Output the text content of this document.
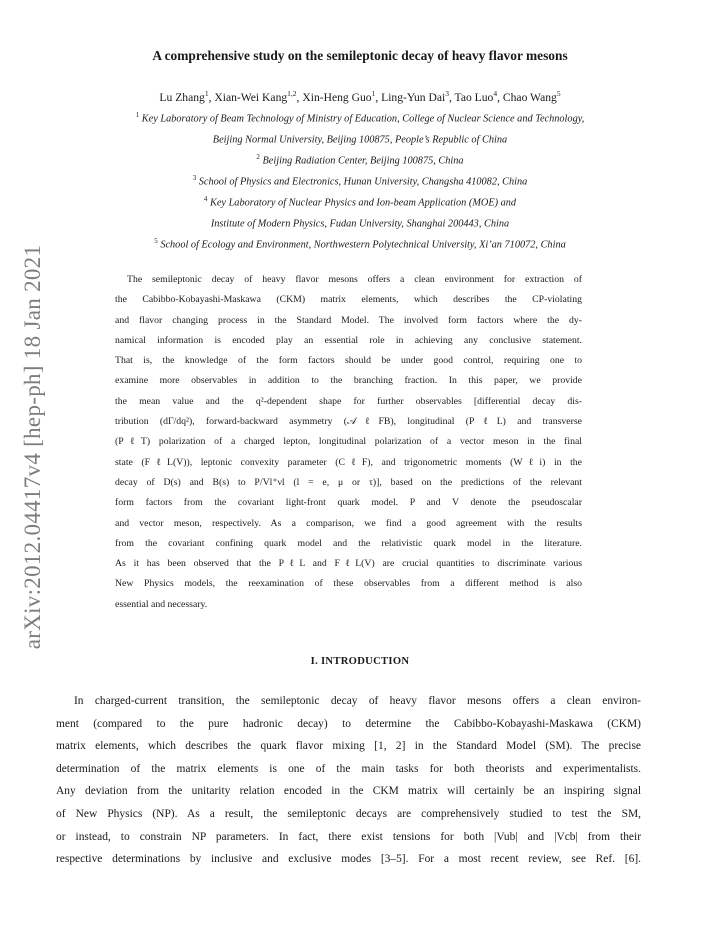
arXiv:2012.04417v4 [hep-ph] 18 Jan 2021
A comprehensive study on the semileptonic decay of heavy flavor mesons
Lu Zhang$^1$, Xian-Wei Kang$^{1,2}$, Xin-Heng Guo$^1$, Ling-Yun Dai$^3$, Tao Luo$^4$, Chao Wang$^5$
$^1$ Key Laboratory of Beam Technology of Ministry of Education, College of Nuclear Science and Technology,
Beijing Normal University, Beijing 100875, People’s Republic of China
$^2$ Beijing Radiation Center, Beijing 100875, China
$^3$ School of Physics and Electronics, Hunan University, Changsha 410082, China
$^4$ Key Laboratory of Nuclear Physics and Ion-beam Application (MOE) and
Institute of Modern Physics, Fudan University, Shanghai 200443, China
$^5$ School of Ecology and Environment, Northwestern Polytechnical University, Xi’an 710072, China
The semileptonic decay of heavy flavor mesons offers a clean environment for extraction of
the Cabibbo-Kobayashi-Maskawa (CKM) matrix elements, which describes the CP-violating
and flavor changing process in the Standard Model. The involved form factors where the dy-
namical information is encoded play an essential role in achieving any conclusive statement.
That is, the knowledge of the form factors should be under good control, requiring one to
examine more observables in addition to the branching fraction. In this paper, we provide
the mean value and the q²-dependent shape for further observables [differential decay dis-
tribution (dΓ/dq²), forward-backward asymmetry (𝒜ℓFB), longitudinal (PℓL) and transverse
(PℓT) polarization of a charged lepton, longitudinal polarization of a vector meson in the final
state (FℓL(V)), leptonic convexity parameter (CℓF), and trigonometric moments (Wℓi) in the
decay of D(s) and B(s) to P/Vl⁺νl (l = e, μ or τ)], based on the predictions of the relevant
form factors from the covariant light-front quark model. P and V denote the pseudoscalar
and vector meson, respectively. As a comparison, we find a good agreement with the results
from the covariant confining quark model and the relativistic quark model in the literature.
As it has been observed that the PℓL and FℓL(V) are crucial quantities to discriminate various
New Physics models, the reexamination of these observables from a different method is also
essential and necessary.
I. INTRODUCTION
In charged-current transition, the semileptonic decay of heavy flavor mesons offers a clean environ-
ment (compared to the pure hadronic decay) to determine the Cabibbo-Kobayashi-Maskawa (CKM)
matrix elements, which describes the quark flavor mixing [1, 2] in the Standard Model (SM). The precise
determination of the matrix elements is one of the main tasks for both theorists and experimentalists.
Any deviation from the unitarity relation encoded in the CKM matrix will certainly be an inspiring signal
of New Physics (NP). As a result, the semileptonic decays are comprehensively studied to test the SM,
or instead, to constrain NP parameters. In fact, there exist tensions for both |Vub| and |Vcb| from their
respective determinations by inclusive and exclusive modes [3–5]. For a most recent review, see Ref. [6].
